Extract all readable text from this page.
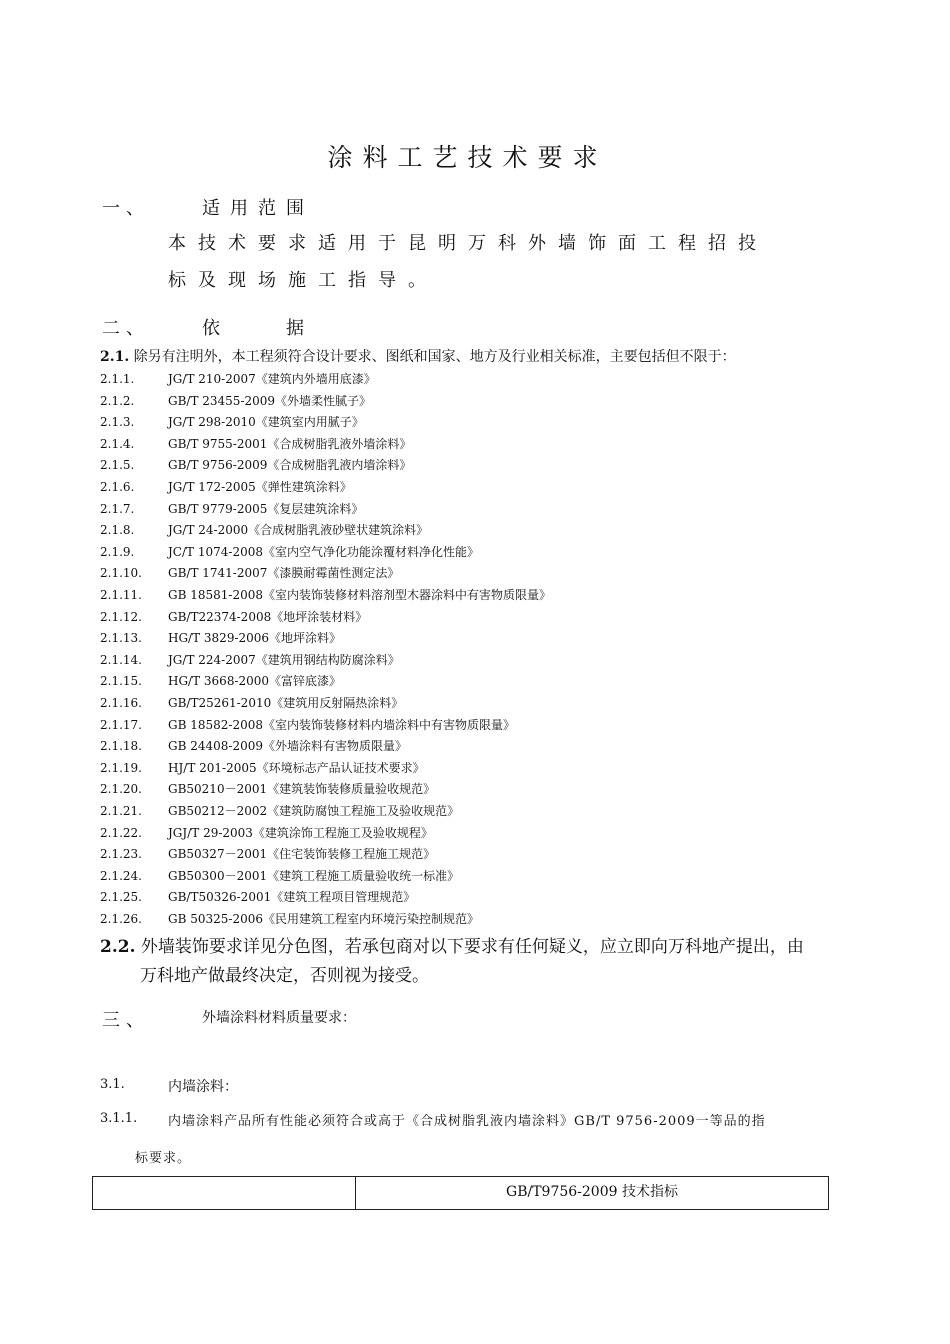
涂料工艺技术要求
一、	适用范围
本技术要求适用于昆明万科外墙饰面工程招投
标及现场施工指导。
二、	依	据
2.1. 除另有注明外，本工程须符合设计要求、图纸和国家、地方及行业相关标准，主要包括但不限于：
2.1.1.	JG/T 210-2007《建筑内外墙用底漆》
2.1.2.	GB/T 23455-2009《外墙柔性腻子》
2.1.3.	JG/T 298-2010《建筑室内用腻子》
2.1.4.	GB/T 9755-2001《合成树脂乳液外墙涂料》
2.1.5.	GB/T 9756-2009《合成树脂乳液内墙涂料》
2.1.6.	JG/T 172-2005《弹性建筑涂料》
2.1.7.	GB/T 9779-2005《复层建筑涂料》
2.1.8.	JG/T 24-2000《合成树脂乳液砂壁状建筑涂料》
2.1.9.	JC/T 1074-2008《室内空气净化功能涂覆材料净化性能》
2.1.10. GB/T 1741-2007《漆膜耐霉菌性测定法》
2.1.11. GB 18581-2008《室内装饰装修材料溶剂型木器涂料中有害物质限量》
2.1.12. GB/T22374-2008《地坪涂装材料》
2.1.13. HG/T 3829-2006《地坪涂料》
2.1.14. JG/T 224-2007《建筑用钢结构防腐涂料》
2.1.15. HG/T 3668-2000《富锌底漆》
2.1.16. GB/T25261-2010《建筑用反射隔热涂料》
2.1.17. GB 18582-2008《室内装饰装修材料内墙涂料中有害物质限量》
2.1.18. GB 24408-2009《外墙涂料有害物质限量》
2.1.19. HJ/T 201-2005《环境标志产品认证技术要求》
2.1.20. GB50210－2001《建筑装饰装修质量验收规范》
2.1.21. GB50212－2002《建筑防腐蚀工程施工及验收规范》
2.1.22. JGJ/T 29-2003《建筑涂饰工程施工及验收规程》
2.1.23. GB50327－2001《住宅装饰装修工程施工规范》
2.1.24. GB50300－2001《建筑工程施工质量验收统一标准》
2.1.25. GB/T50326-2001《建筑工程项目管理规范》
2.1.26. GB 50325-2006《民用建筑工程室内环境污染控制规范》
2.2. 外墙装饰要求详见分色图，若承包商对以下要求有任何疑义，应立即向万科地产提出，由
万科地产做最终决定，否则视为接受。
三、	外墙涂料材料质量要求：
3.1.	内墙涂料：
3.1.1. 内墙涂料产品所有性能必须符合或高于《合成树脂乳液内墙涂料》GB/T 9756-2009一等品的指
标要求。
GB/T9756-2009 技术指标
